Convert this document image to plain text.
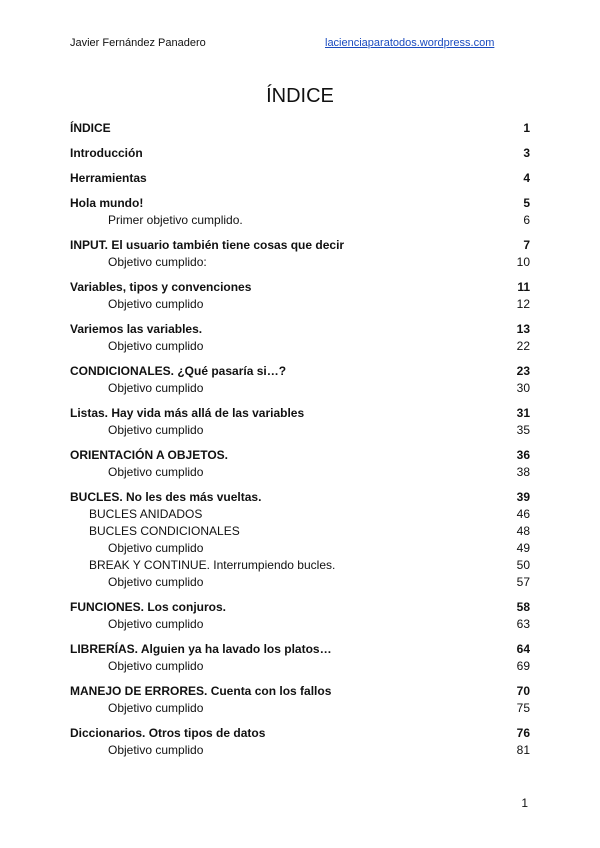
Javier Fernández Panadero	lacienciaparatodos.wordpress.com
ÍNDICE
ÍNDICE	1
Introducción	3
Herramientas	4
Hola mundo!	5
Primer objetivo cumplido.	6
INPUT. El usuario también tiene cosas que decir	7
Objetivo cumplido:	10
Variables, tipos y convenciones	11
Objetivo cumplido	12
Variemos las variables.	13
Objetivo cumplido	22
CONDICIONALES. ¿Qué pasaría si…?	23
Objetivo cumplido	30
Listas. Hay vida más allá de las variables	31
Objetivo cumplido	35
ORIENTACIÓN A OBJETOS.	36
Objetivo cumplido	38
BUCLES. No les des más vueltas.	39
BUCLES ANIDADOS	46
BUCLES CONDICIONALES	48
Objetivo cumplido	49
BREAK Y CONTINUE. Interrumpiendo bucles.	50
Objetivo cumplido	57
FUNCIONES. Los conjuros.	58
Objetivo cumplido	63
LIBRERÍAS. Alguien ya ha lavado los platos…	64
Objetivo cumplido	69
MANEJO DE ERRORES. Cuenta con los fallos	70
Objetivo cumplido	75
Diccionarios. Otros tipos de datos	76
Objetivo cumplido	81
1
